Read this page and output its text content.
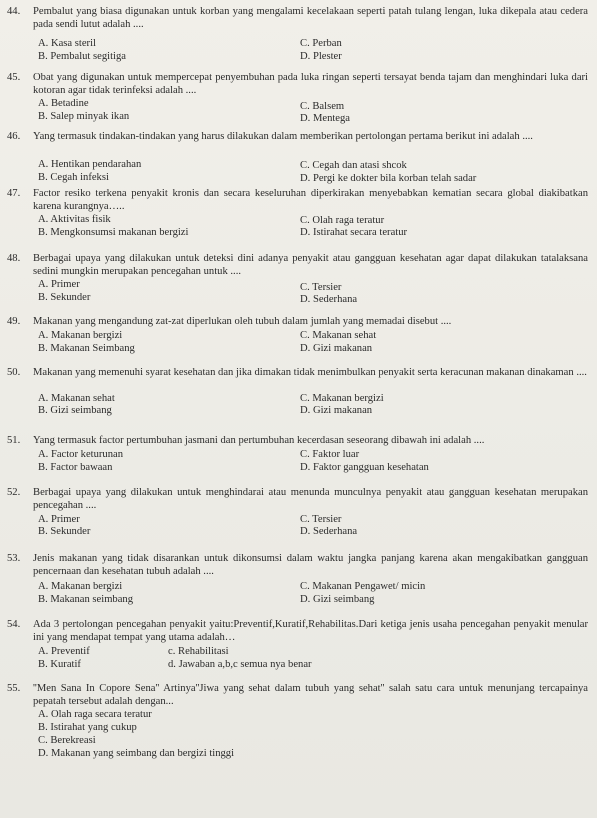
44. Pembalut yang biasa digunakan untuk korban yang mengalami kecelakaan seperti patah tulang lengan, luka dikepala atau cedera pada sendi lutut adalah ....
A. Kasa steril
B. Pembalut segitiga
C. Perban
D. Plester
45. Obat yang digunakan untuk mempercepat penyembuhan pada luka ringan seperti tersayat benda tajam dan menghindari luka dari kotoran agar tidak terinfeksi adalah ....
A. Betadine
B. Salep minyak ikan
C. Balsem
D. Mentega
46. Yang termasuk tindakan-tindakan yang harus dilakukan dalam memberikan pertolongan pertama berikut ini adalah ....
A. Hentikan pendarahan
B. Cegah infeksi
C. Cegah dan atasi shcok
D. Pergi ke dokter bila korban telah sadar
47. Factor resiko terkena penyakit kronis dan secara keseluruhan diperkirakan menyebabkan kematian secara global diakibatkan karena kurangnya…..
A. Aktivitas fisik
B. Mengkonsumsi makanan bergizi
C. Olah raga teratur
D. Istirahat secara teratur
48. Berbagai upaya yang dilakukan untuk deteksi dini adanya penyakit atau gangguan kesehatan agar dapat dilakukan tatalaksana sedini mungkin merupakan pencegahan untuk ....
A. Primer
B. Sekunder
C. Tersier
D. Sederhana
49. Makanan yang mengandung zat-zat diperlukan oleh tubuh dalam jumlah yang memadai disebut ....
A. Makanan bergizi
B. Makanan Seimbang
C. Makanan sehat
D. Gizi makanan
50. Makanan yang memenuhi syarat kesehatan dan jika dimakan tidak menimbulkan penyakit serta keracunan makanan dinakaman ....
A. Makanan sehat
B. Gizi seimbang
C. Makanan bergizi
D. Gizi makanan
51. Yang termasuk factor pertumbuhan jasmani dan pertumbuhan kecerdasan seseorang dibawah ini adalah ....
A. Factor keturunan
B. Factor bawaan
C. Faktor luar
D. Faktor gangguan kesehatan
52. Berbagai upaya yang dilakukan untuk menghindarai atau menunda munculnya penyakit atau gangguan kesehatan merupakan pencegahan ....
A. Primer
B. Sekunder
C. Tersier
D. Sederhana
53. Jenis makanan yang tidak disarankan untuk dikonsumsi dalam waktu jangka panjang karena akan mengakibatkan gangguan pencernaan dan kesehatan tubuh adalah ....
A. Makanan bergizi
B. Makanan seimbang
C. Makanan Pengawet/ micin
D. Gizi seimbang
54. Ada 3 pertolongan pencegahan penyakit yaitu:Preventif,Kuratif,Rehabilitas.Dari ketiga jenis usaha pencegahan penyakit menular ini yang mendapat tempat yang utama adalah…
A. Preventif
B. Kuratif
c. Rehabilitasi
d. Jawaban a,b,c semua nya benar
55. ''Men Sana In Copore Sena'' Artinya''Jiwa yang sehat dalam tubuh yang sehat'' salah satu cara untuk menunjang tercapainya pepatah tersebut adalah dengan...
A. Olah raga secara teratur
B. Istirahat yang cukup
C. Berekreasi
D. Makanan yang seimbang dan bergizi tinggi
